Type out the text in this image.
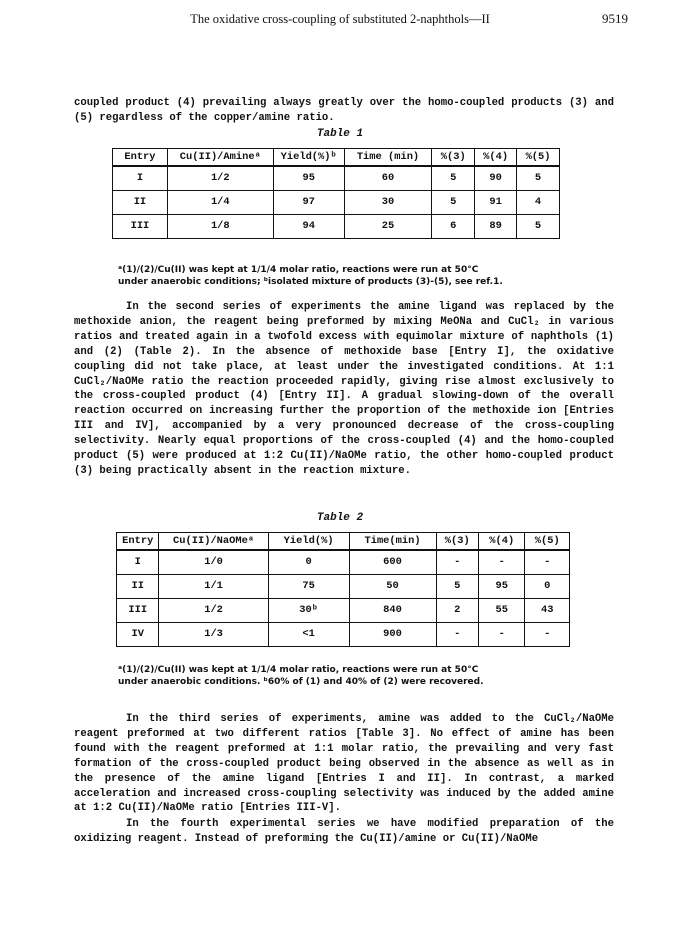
The oxidative cross-coupling of substituted 2-naphthols—II	9519

coupled product (4) prevailing always greatly over the homo-coupled products (3) and (5) regardless of the copper/amine ratio.

Table 1
Entry	Cu(II)/Amineᵃ	Yield(%)ᵇ	Time (min)	%(3)	%(4)	%(5)
I	1/2	95	60	5	90	5
II	1/4	97	30	5	91	4
III	1/8	94	25	6	89	5

ᵃ(1)/(2)/Cu(II) was kept at 1/1/4 molar ratio, reactions were run at 50°C

under anaerobic conditions; ᵇisolated mixture of products (3)-(5), see ref.1.

In the second series of experiments the amine ligand was replaced by the methoxide anion, the reagent being preformed by mixing MeONa and CuCl₂ in various ratios and treated again in a twofold excess with equimolar mixture of naphthols (1) and (2) (Table 2). In the absence of methoxide base [Entry I], the oxidative coupling did not take place, at least under the investigated conditions. At 1:1 CuCl₂/NaOMe ratio the reaction proceeded rapidly, giving rise almost exclusively to the cross-coupled product (4) [Entry II]. A gradual slowing-down of the overall reaction occurred on increasing further the proportion of the methoxide ion [Entries III and IV], accompanied by a very pronounced decrease of the cross-coupling selectivity. Nearly equal proportions of the cross-coupled (4) and the homo-coupled product (5) were produced at 1:2 Cu(II)/NaOMe ratio, the other homo-coupled product (3) being practically absent in the reaction mixture.

Table 2
Entry	Cu(II)/NaOMeᵃ	Yield(%)	Time(min)	%(3)	%(4)	%(5)
I	1/0	0	600	-	-	-
II	1/1	75	50	5	95	0
III	1/2	30ᵇ	840	2	55	43
IV	1/3	<1	900	-	-	-

ᵃ(1)/(2)/Cu(II) was kept at 1/1/4 molar ratio, reactions were run at 50°C

under anaerobic conditions. ᵇ60% of (1) and 40% of (2) were recovered.

In the third series of experiments, amine was added to the CuCl₂/NaOMe reagent preformed at two different ratios [Table 3]. No effect of amine has been found with the reagent preformed at 1:1 molar ratio, the prevailing and very fast formation of the cross-coupled product being observed in the absence as well as in the presence of the amine ligand [Entries I and II]. In contrast, a marked acceleration and increased cross-coupling selectivity was induced by the added amine at 1:2 Cu(II)/NaOMe ratio [Entries III-V].

In the fourth experimental series we have modified preparation of the oxidizing reagent. Instead of preforming the Cu(II)/amine or Cu(II)/NaOMe
